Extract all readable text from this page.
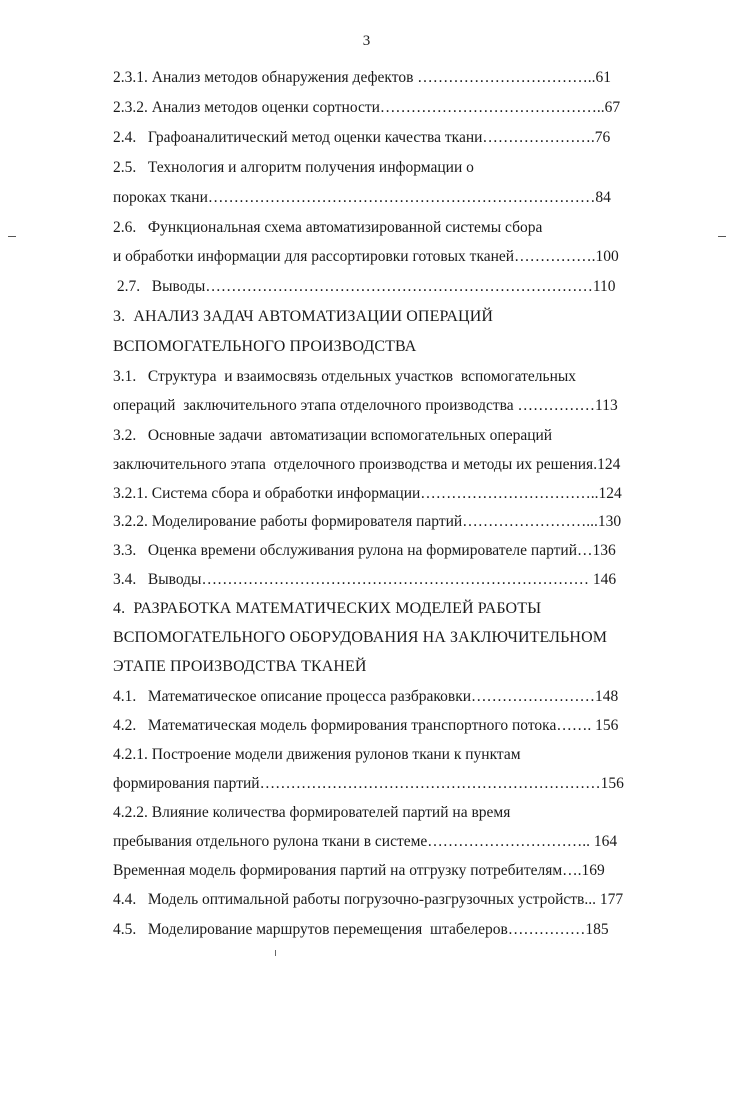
3
2.3.1. Анализ методов обнаружения дефектов ……………………………..61
2.3.2. Анализ методов оценки сортности……………………………………..67
2.4.   Графоаналитический метод оценки качества ткани………………….76
2.5.   Технология и алгоритм получения информации о
пороках ткани…………………………………………………………………84
2.6.   Функциональная схема автоматизированной системы сбора
и обработки информации для рассортировки готовых тканей…………….100
2.7.   Выводы…………………………………………………………………110
3.  АНАЛИЗ ЗАДАЧ АВТОМАТИЗАЦИИ ОПЕРАЦИЙ
ВСПОМОГАТЕЛЬНОГО ПРОИЗВОДСТВА
3.1.   Структура  и взаимосвязь отдельных участков  вспомогательных
операций  заключительного этапа отделочного производства ……………113
3.2.   Основные задачи  автоматизации вспомогательных операций
заключительного этапа  отделочного производства и методы их решения.124
3.2.1. Система сбора и обработки информации……………………………..124
3.2.2. Моделирование работы формирователя партий……………………...130
3.3.   Оценка времени обслуживания рулона на формирователе партий…136
3.4.   Выводы………………………………………………………………… 146
4.  РАЗРАБОТКА МАТЕМАТИЧЕСКИХ МОДЕЛЕЙ РАБОТЫ
ВСПОМОГАТЕЛЬНОГО ОБОРУДОВАНИЯ НА ЗАКЛЮЧИТЕЛЬНОМ
ЭТАПЕ ПРОИЗВОДСТВА ТКАНЕЙ
4.1.   Математическое описание процесса разбраковки……………………148
4.2.   Математическая модель формирования транспортного потока……. 156
4.2.1. Построение модели движения рулонов ткани к пунктам
формирования партий…………………………………………………………156
4.2.2. Влияние количества формирователей партий на время
пребывания отдельного рулона ткани в системе………………………….. 164
Временная модель формирования партий на отгрузку потребителям….169
4.4.   Модель оптимальной работы погрузочно-разгрузочных устройств... 177
4.5.   Моделирование маршрутов перемещения  штабелеров……………185
